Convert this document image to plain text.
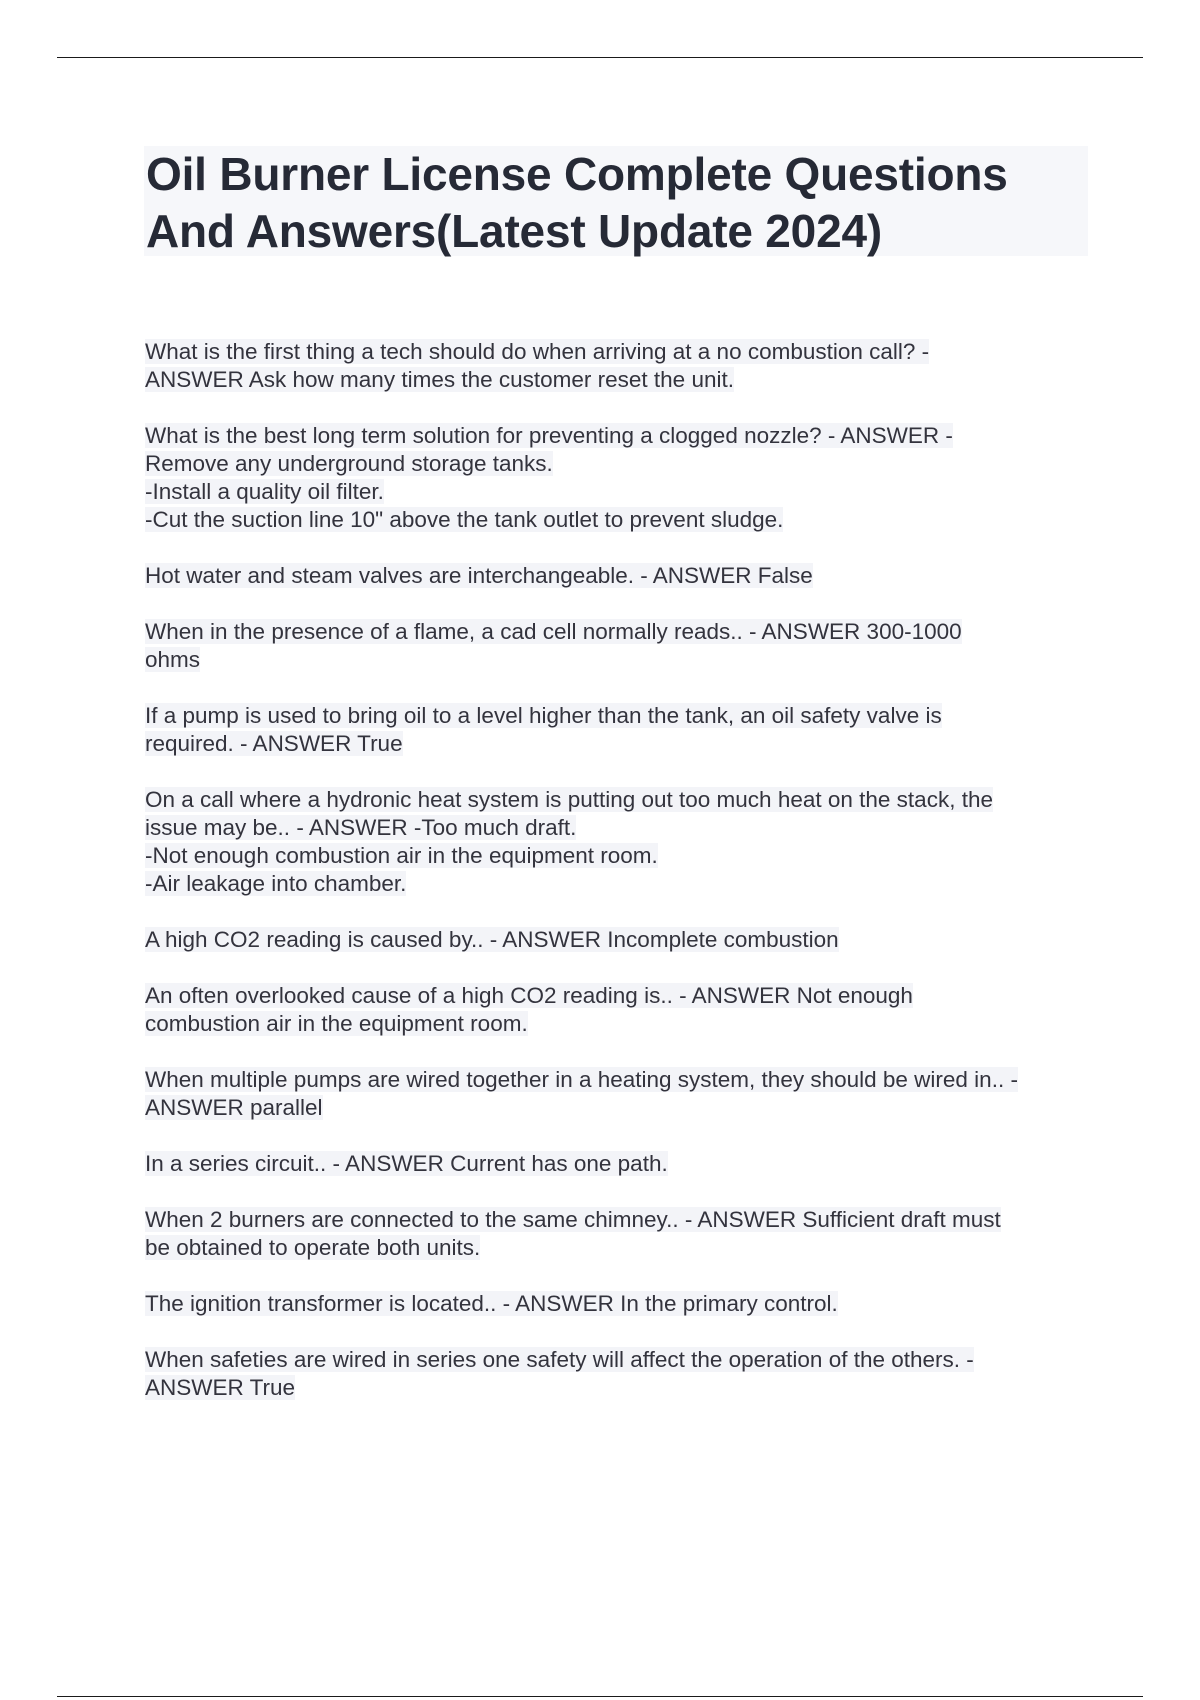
Oil Burner License Complete Questions
And Answers(Latest Update 2024)
What is the first thing a tech should do when arriving at a no combustion call? -
ANSWER Ask how many times the customer reset the unit.
What is the best long term solution for preventing a clogged nozzle? - ANSWER -
Remove any underground storage tanks.
-Install a quality oil filter.
-Cut the suction line 10" above the tank outlet to prevent sludge.
Hot water and steam valves are interchangeable. - ANSWER False
When in the presence of a flame, a cad cell normally reads.. - ANSWER 300-1000
ohms
If a pump is used to bring oil to a level higher than the tank, an oil safety valve is
required. - ANSWER True
On a call where a hydronic heat system is putting out too much heat on the stack, the
issue may be.. - ANSWER -Too much draft.
-Not enough combustion air in the equipment room.
-Air leakage into chamber.
A high CO2 reading is caused by.. - ANSWER Incomplete combustion
An often overlooked cause of a high CO2 reading is.. - ANSWER Not enough
combustion air in the equipment room.
When multiple pumps are wired together in a heating system, they should be wired in.. -
ANSWER parallel
In a series circuit.. - ANSWER Current has one path.
When 2 burners are connected to the same chimney.. - ANSWER Sufficient draft must
be obtained to operate both units.
The ignition transformer is located.. - ANSWER In the primary control.
When safeties are wired in series one safety will affect the operation of the others. -
ANSWER True
